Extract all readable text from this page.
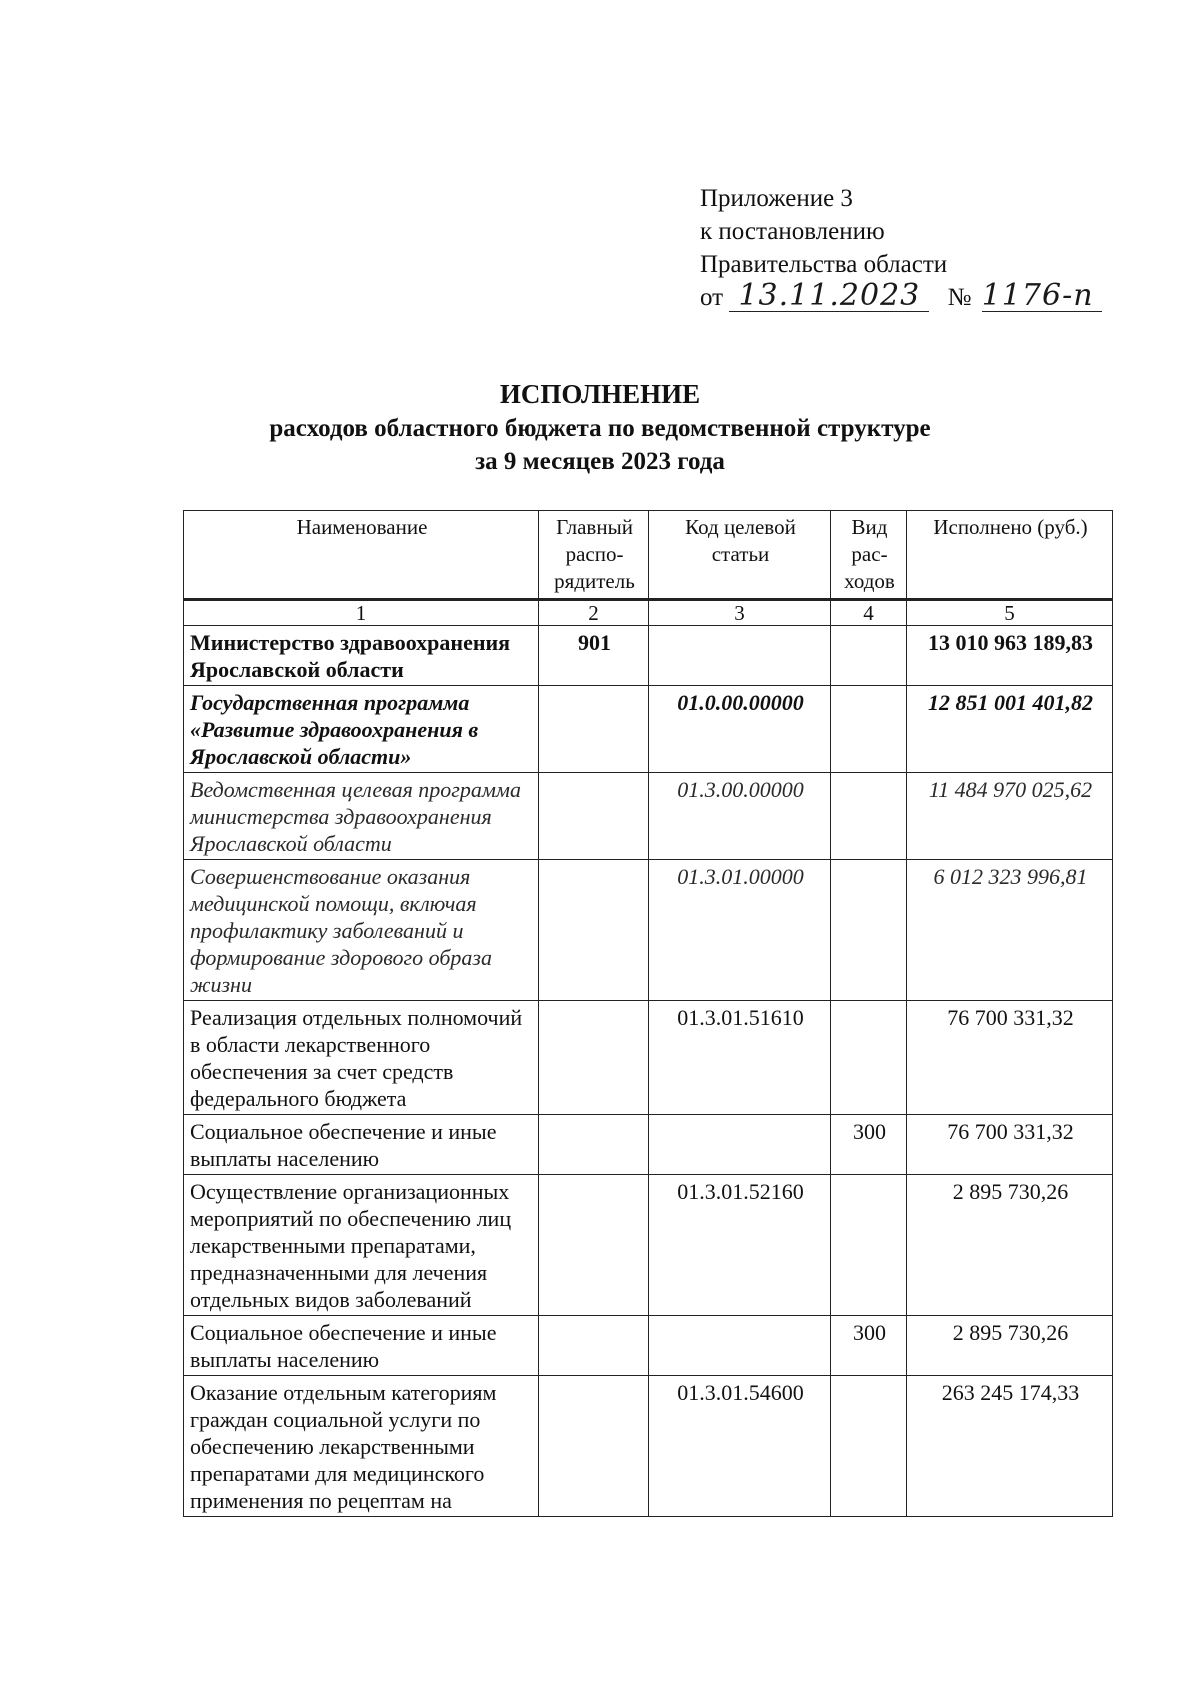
Приложение 3
к постановлению
Правительства области
от 13.11.2023 № 1176-п
ИСПОЛНЕНИЕ
расходов областного бюджета по ведомственной структуре
за 9 месяцев 2023 года
Наименование	Главный распо-рядитель	Код целевой статьи	Вид рас-ходов	Исполнено (руб.)
1	2	3	4	5
Министерство здравоохранения Ярославской области	901			13 010 963 189,83
Государственная программа «Развитие здравоохранения в Ярославской области»		01.0.00.00000		12 851 001 401,82
Ведомственная целевая программа министерства здравоохранения Ярославской области		01.3.00.00000		11 484 970 025,62
Совершенствование оказания медицинской помощи, включая профилактику заболеваний и формирование здорового образа жизни		01.3.01.00000		6 012 323 996,81
Реализация отдельных полномочий в области лекарственного обеспечения за счет средств федерального бюджета		01.3.01.51610		76 700 331,32
Социальное обеспечение и иные выплаты населению			300	76 700 331,32
Осуществление организационных мероприятий по обеспечению лиц лекарственными препаратами, предназначенными для лечения отдельных видов заболеваний		01.3.01.52160		2 895 730,26
Социальное обеспечение и иные выплаты населению			300	2 895 730,26
Оказание отдельным категориям граждан социальной услуги по обеспечению лекарственными препаратами для медицинского применения по рецептам на		01.3.01.54600		263 245 174,33
